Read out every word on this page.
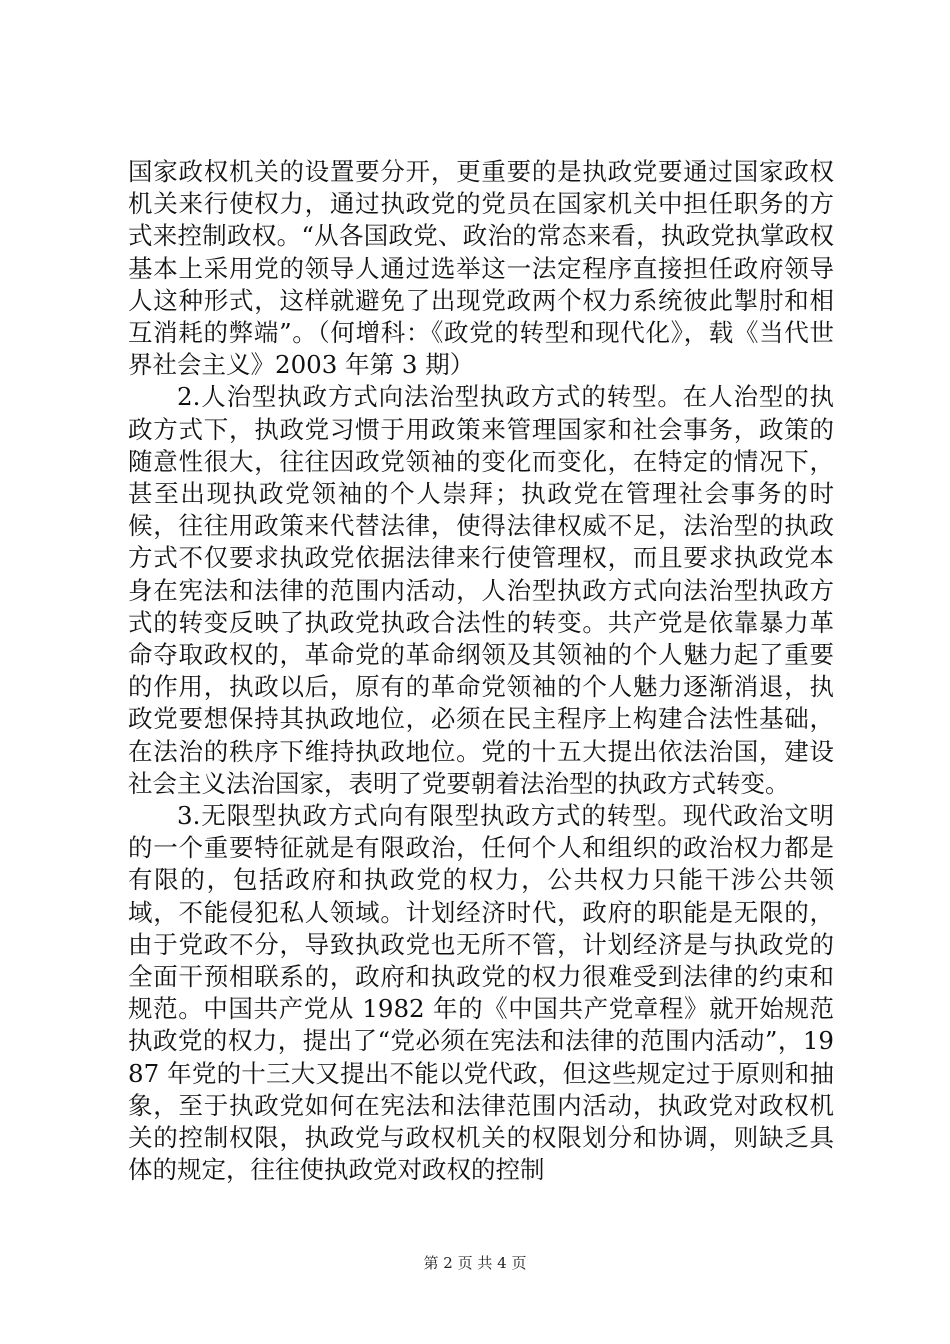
国家政权机关的设置要分开，更重要的是执政党要通过国家政权机关来行使权力，通过执政党的党员在国家机关中担任职务的方式来控制政权。“从各国政党、政治的常态来看，执政党执掌政权基本上采用党的领导人通过选举这一法定程序直接担任政府领导人这种形式，这样就避免了出现党政两个权力系统彼此掣肘和相互消耗的弊端”。（何增科：《政党的转型和现代化》，载《当代世界社会主义》2003 年第 3 期）

2.人治型执政方式向法治型执政方式的转型。在人治型的执政方式下，执政党习惯于用政策来管理国家和社会事务，政策的随意性很大，往往因政党领袖的变化而变化，在特定的情况下，甚至出现执政党领袖的个人崇拜；执政党在管理社会事务的时候，往往用政策来代替法律，使得法律权威不足，法治型的执政方式不仅要求执政党依据法律来行使管理权，而且要求执政党本身在宪法和法律的范围内活动，人治型执政方式向法治型执政方式的转变反映了执政党执政合法性的转变。共产党是依靠暴力革命夺取政权的，革命党的革命纲领及其领袖的个人魅力起了重要的作用，执政以后，原有的革命党领袖的个人魅力逐渐消退，执政党要想保持其执政地位，必须在民主程序上构建合法性基础，在法治的秩序下维持执政地位。党的十五大提出依法治国，建设社会主义法治国家，表明了党要朝着法治型的执政方式转变。

3.无限型执政方式向有限型执政方式的转型。现代政治文明的一个重要特征就是有限政治，任何个人和组织的政治权力都是有限的，包括政府和执政党的权力，公共权力只能干涉公共领域，不能侵犯私人领域。计划经济时代，政府的职能是无限的，由于党政不分，导致执政党也无所不管，计划经济是与执政党的全面干预相联系的，政府和执政党的权力很难受到法律的约束和规范。中国共产党从 1982 年的《中国共产党章程》就开始规范执政党的权力，提出了“党必须在宪法和法律的范围内活动”，1987 年党的十三大又提出不能以党代政，但这些规定过于原则和抽象，至于执政党如何在宪法和法律范围内活动，执政党对政权机关的控制权限，执政党与政权机关的权限划分和协调，则缺乏具体的规定，往往使执政党对政权的控制

第 2 页 共 4 页
